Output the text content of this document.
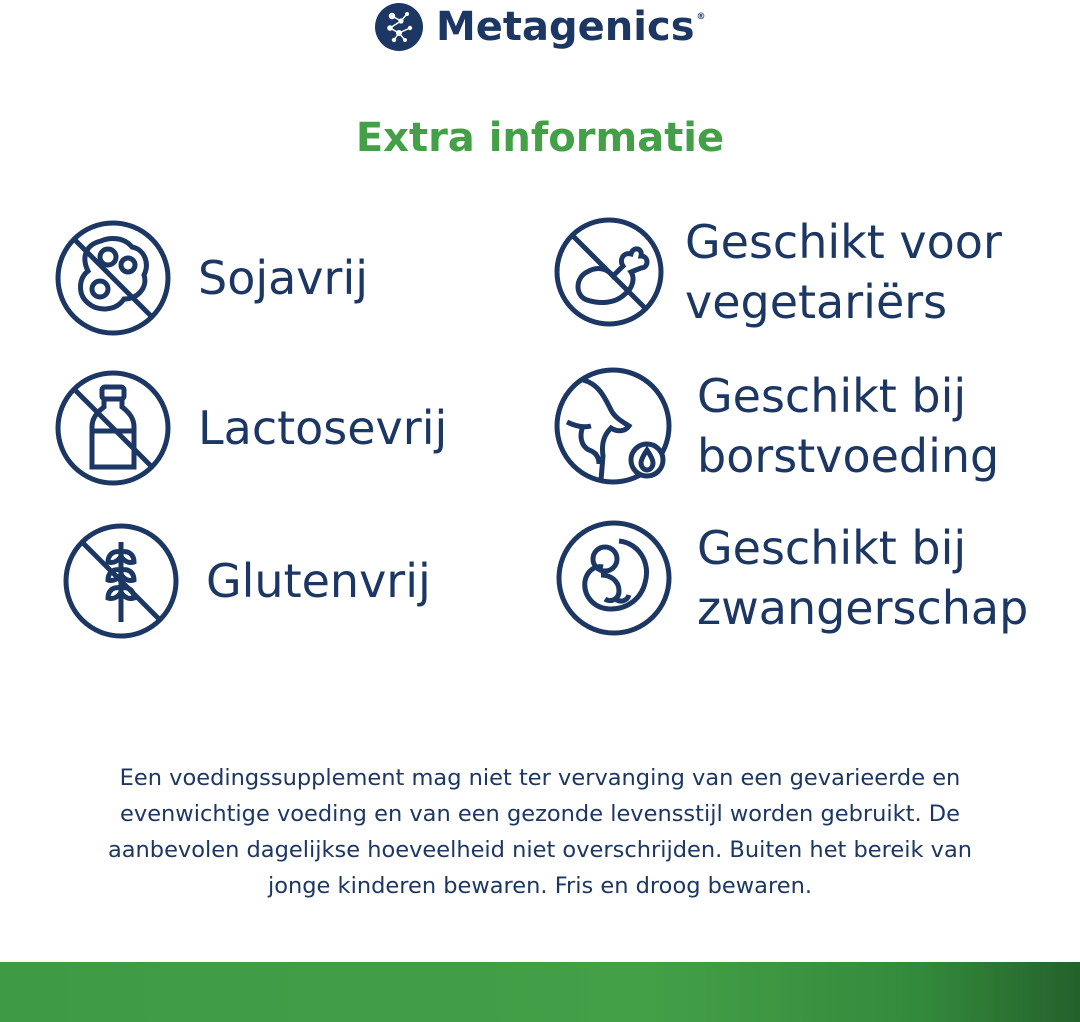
Metagenics ®
Extra informatie
Sojavrij
Geschikt voor
vegetariërs
Lactosevrij
Geschikt bij
borstvoeding
Glutenvrij
Geschikt bij
zwangerschap
Een voedingssupplement mag niet ter vervanging van een gevarieerde en evenwichtige voeding en van een gezonde levensstijl worden gebruikt. De aanbevolen dagelijkse hoeveelheid niet overschrijden. Buiten het bereik van jonge kinderen bewaren. Fris en droog bewaren.
